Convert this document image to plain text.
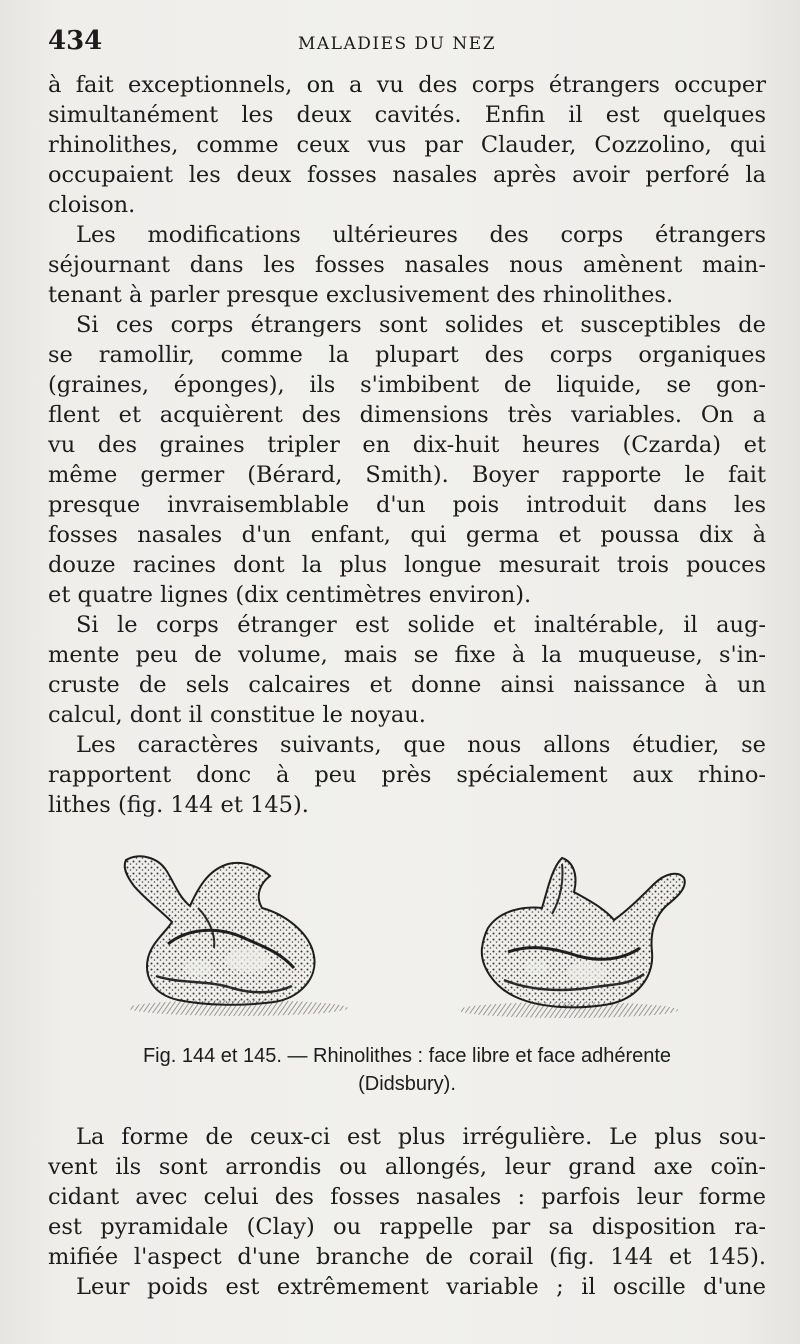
434	MALADIES DU NEZ
à fait exceptionnels, on a vu des corps étrangers occuper
simultanément les deux cavités. Enfin il est quelques
rhinolithes, comme ceux vus par Clauder, Cozzolino, qui
occupaient les deux fosses nasales après avoir perforé la
cloison.
Les modifications ultérieures des corps étrangers
séjournant dans les fosses nasales nous amènent main-
tenant à parler presque exclusivement des rhinolithes.
Si ces corps étrangers sont solides et susceptibles de
se ramollir, comme la plupart des corps organiques
(graines, éponges), ils s'imbibent de liquide, se gon-
flent et acquièrent des dimensions très variables. On a
vu des graines tripler en dix-huit heures (Czarda) et
même germer (Bérard, Smith). Boyer rapporte le fait
presque invraisemblable d'un pois introduit dans les
fosses nasales d'un enfant, qui germa et poussa dix à
douze racines dont la plus longue mesurait trois pouces
et quatre lignes (dix centimètres environ).
Si le corps étranger est solide et inaltérable, il aug-
mente peu de volume, mais se fixe à la muqueuse, s'in-
cruste de sels calcaires et donne ainsi naissance à un
calcul, dont il constitue le noyau.
Les caractères suivants, que nous allons étudier, se
rapportent donc à peu près spécialement aux rhino-
lithes (fig. 144 et 145).
Fig. 144 et 145. — Rhinolithes : face libre et face adhérente
(Didsbury).
La forme de ceux-ci est plus irrégulière. Le plus sou-
vent ils sont arrondis ou allongés, leur grand axe coïn-
cidant avec celui des fosses nasales : parfois leur forme
est pyramidale (Clay) ou rappelle par sa disposition ra-
mifiée l'aspect d'une branche de corail (fig. 144 et 145).
Leur poids est extrêmement variable ; il oscille d'une
